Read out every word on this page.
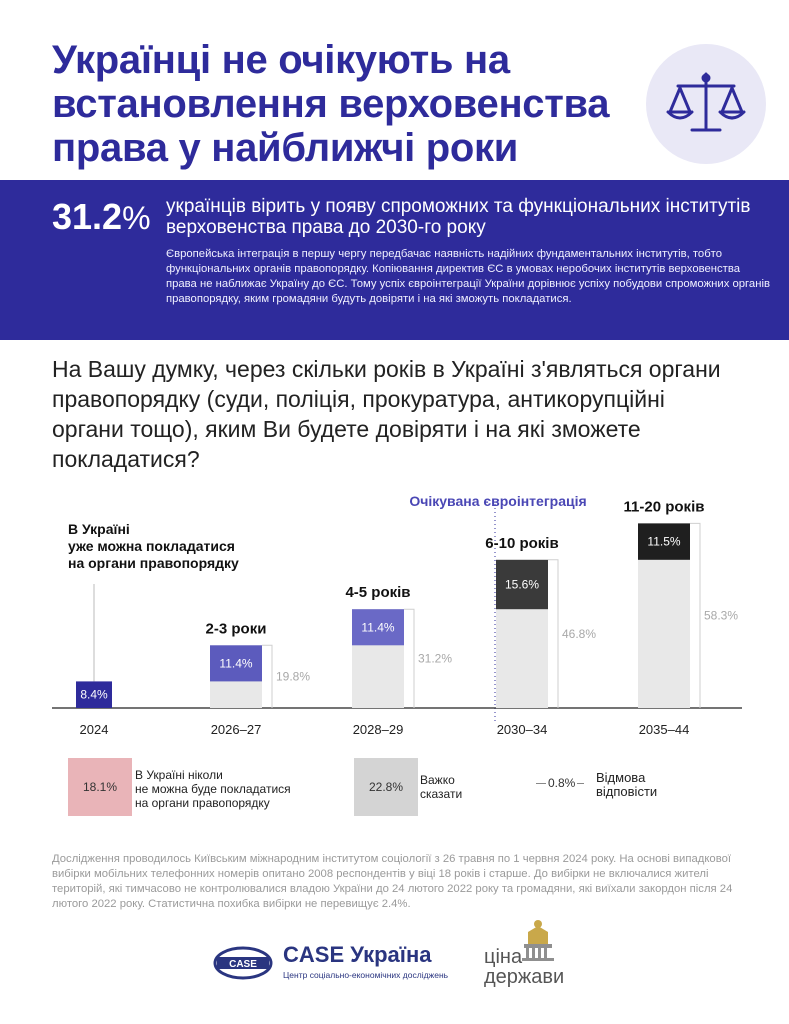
Українці не очікують на встановлення верховенства права у найближчі роки
31.2% українців вірить у появу спроможних та функціональних інститутів верховенства права до 2030-го року
Європейська інтеграція в першу чергу передбачає наявність надійних фундаментальних інститутів, тобто функціональних органів правопорядку. Копіювання директив ЄС в умовах неробочих інститутів верховенства права не наближає Україну до ЄС. Тому успіх євроінтеграції України дорівнює успіху побудови спроможних органів правопорядку, яким громадяни будуть довіряти і на які зможуть покладатися.
На Вашу думку, через скільки років в Україні з'являться органи правопорядку (суди, поліція, прокуратура, антикорупційні органи тощо), яким Ви будете довіряти і на які зможете покладатися?
Очікувана євроінтеграція
8.4%
В Україні
уже можна покладатися
на органи правопорядку
2024
19.8%
11.4%
2-3 роки
2026–27
31.2%
11.4%
4-5 років
2028–29
46.8%
15.6%
6-10 років
2030–34
58.3%
11.5%
11-20 років
2035–44
18.1%
В Україні ніколи
не можна буде покладатися
на органи правопорядку
22.8% Важко
сказати
0.8% Відмова
відповісти
Дослідження проводилось Київським міжнародним інститутом соціології з 26 травня по 1 червня 2024 року. На основі випадкової вибірки мобільних телефонних номерів опитано 2008 респондентів у віці 18 років і старше. До вибірки не включалися жителі територій, які тимчасово не контролювалися владою України до 24 лютого 2022 року та громадяни, які виїхали закордон після 24 лютого 2022 року. Статистична похибка вибірки не перевищує 2.4%.
CASE CASE Україна
Центр соціально-економічних досліджень
ціна
держави
